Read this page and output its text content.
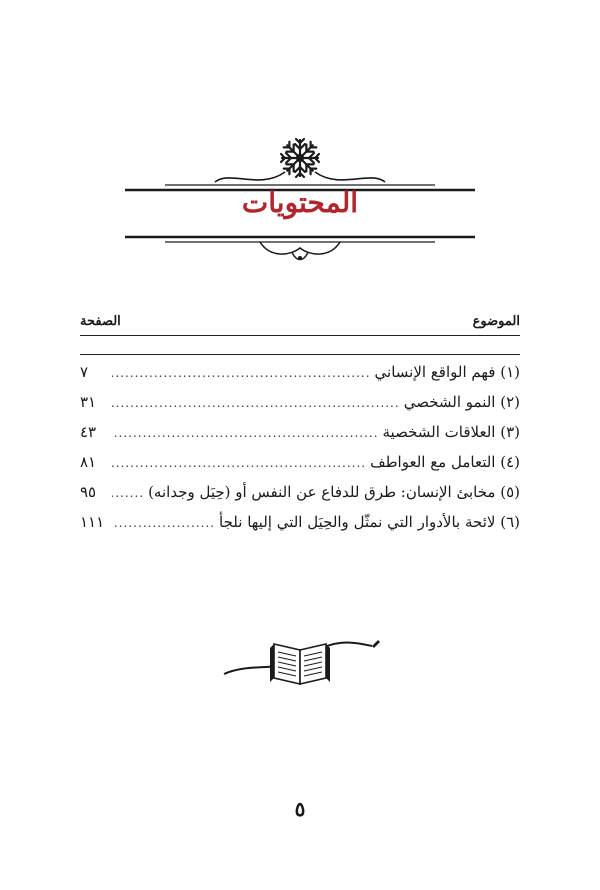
المحتويات
الموضوع
الصفحة
(١) فهم الواقع الإنساني
.....
٧
(٢) النمو الشخصي
.....
٣١
(٣) العلاقات الشخصية
.....
٤٣
(٤) التعامل مع العواطف
.....
٨١
(٥) مخابئ الإنسان: طرق للدفاع عن النفس أو (حِيَل وجدانه)
.....
٩٥
(٦) لائحة بالأدوار التي نمثّل والحِيَل التي إليها نلجأ
.....
١١١
٥
